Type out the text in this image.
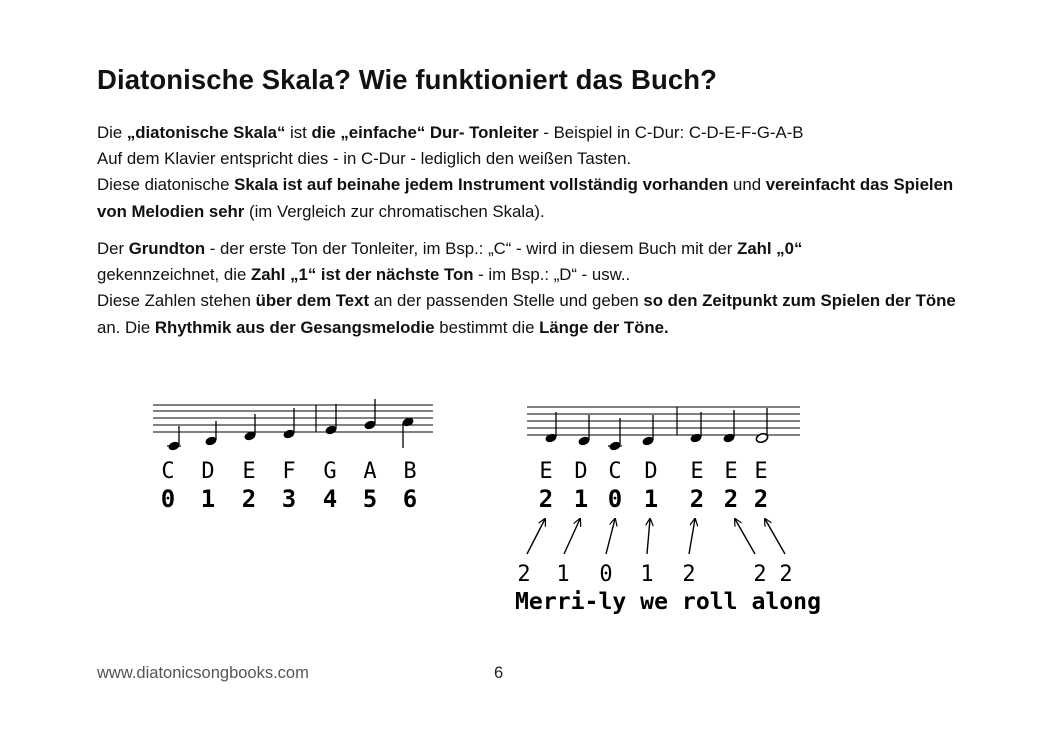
Diatonische Skala? Wie funktioniert das Buch?
Die „diatonische Skala“ ist die „einfache“ Dur- Tonleiter - Beispiel in C-Dur: C-D-E-F-G-A-B
Auf dem Klavier entspricht dies - in C-Dur - lediglich den weißen Tasten.
Diese diatonische Skala ist auf beinahe jedem Instrument vollständig vorhanden und vereinfacht das Spielen von Melodien sehr (im Vergleich zur chromatischen Skala).
Der Grundton - der erste Ton der Tonleiter, im Bsp.: „C“ - wird in diesem Buch mit der Zahl „0“
gekennzeichnet, die Zahl „1“ ist der nächste Ton - im Bsp.: „D“ - usw..
Diese Zahlen stehen über dem Text an der passenden Stelle und geben so den Zeitpunkt zum Spielen der Töne an. Die Rhythmik aus der Gesangsmelodie bestimmt die Länge der Töne.
C D E F G A B
0 1 2 3 4 5 6
E D C D E E E
2 1 0 1 2 2 2
2 1 0 1 2	2 2
Merri-ly we roll along

www.diatonicsongbooks.com	6
